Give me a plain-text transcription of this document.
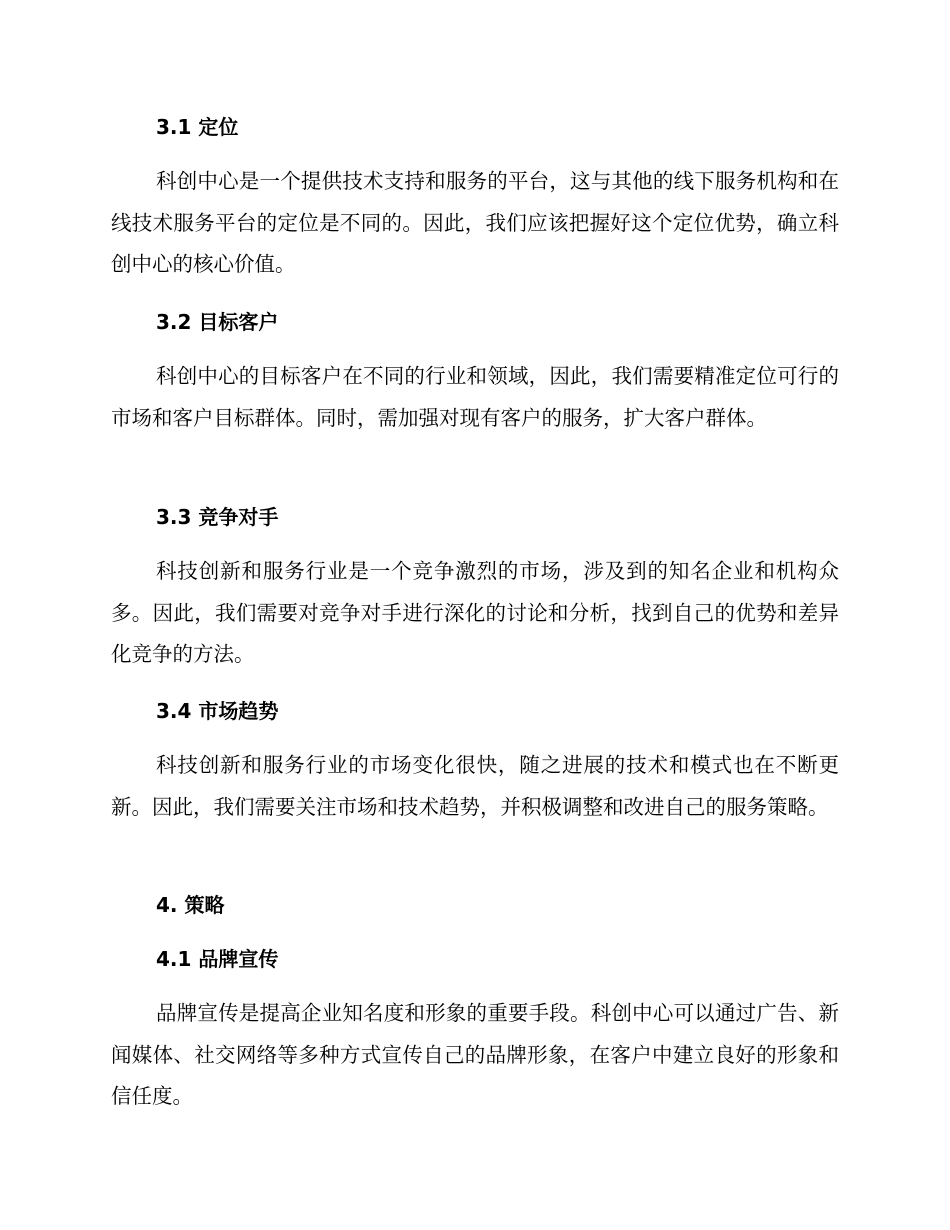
3.1 定位

科创中心是一个提供技术支持和服务的平台，这与其他的线下服务机构和在线技术服务平台的定位是不同的。因此，我们应该把握好这个定位优势，确立科创中心的核心价值。

3.2 目标客户

科创中心的目标客户在不同的行业和领域，因此，我们需要精准定位可行的市场和客户目标群体。同时，需加强对现有客户的服务，扩大客户群体。

3.3 竞争对手

科技创新和服务行业是一个竞争激烈的市场，涉及到的知名企业和机构众多。因此，我们需要对竞争对手进行深化的讨论和分析，找到自己的优势和差异化竞争的方法。

3.4 市场趋势

科技创新和服务行业的市场变化很快，随之进展的技术和模式也在不断更新。因此，我们需要关注市场和技术趋势，并积极调整和改进自己的服务策略。

4. 策略
4.1 品牌宣传

品牌宣传是提高企业知名度和形象的重要手段。科创中心可以通过广告、新闻媒体、社交网络等多种方式宣传自己的品牌形象，在客户中建立良好的形象和信任度。
